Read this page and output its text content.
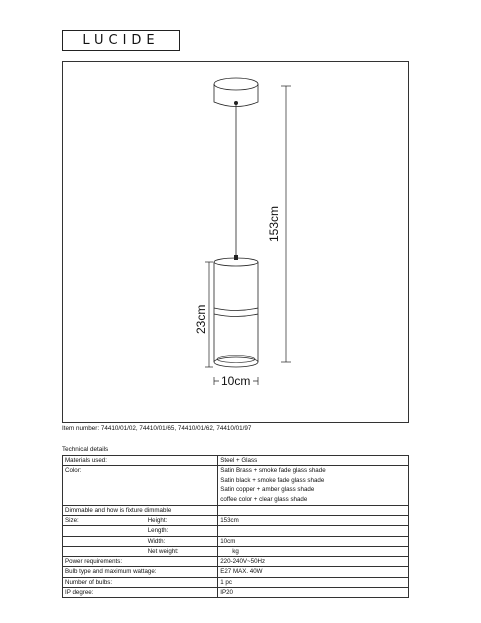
LUCIDE
153cm
23cm
10cm
Item number: 74410/01/02, 74410/01/65, 74410/01/62, 74410/01/97
Technical details
Materials used:		Steel + Glass
Color:		Satin Brass + smoke fade glass shade
Satin black + smoke fade glass shade
Satin copper + amber glass shade
coffee color + clear glass shade

Dimmable and how is fixture dimmable		
Size:	Height:	153cm
	Length:	
	Width:	10cm
	Net weight:	kg
Power requirements:		220-240V~50Hz
Bulb type and maximum wattage:		E27 MAX. 40W
Number of bulbs:		1 pc
IP degree:		IP20
